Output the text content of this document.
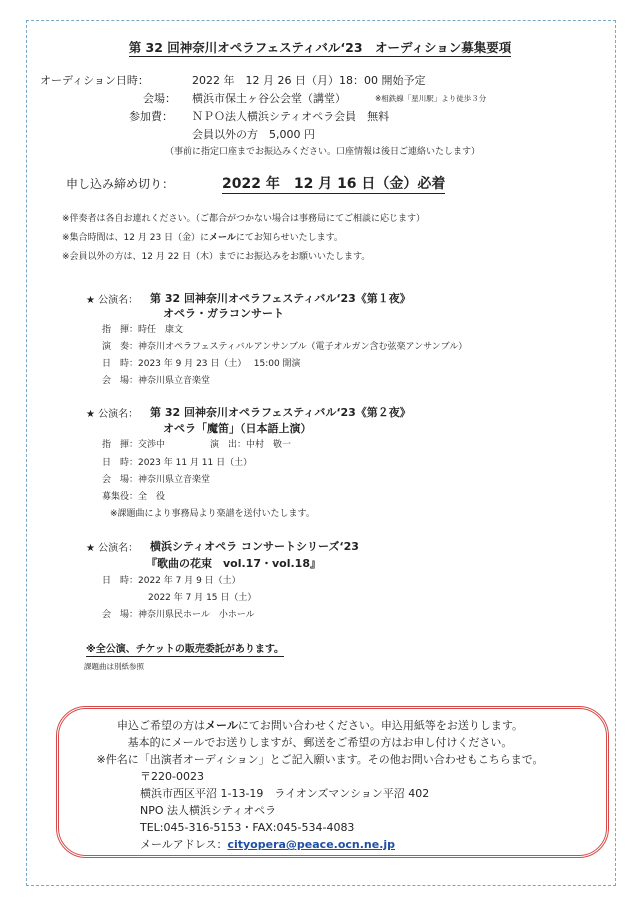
第 32 回神奈川オペラフェスティバル‘23　オーディション募集要項
オーディション日時：	2022 年　12 月 26 日（月）18：00 開始予定
会場： 横浜市保土ヶ谷公会堂（講堂）	※相鉄線「星川駅」より徒歩３分
参加費： ＮＰＯ法人横浜シティオペラ会員　無料
会員以外の方　5,000 円
（事前に指定口座までお振込みください。口座情報は後日ご連絡いたします）
申し込み締め切り：	2022 年　12 月 16 日（金）必着
※伴奏者は各自お連れください。（ご都合がつかない場合は事務局にてご相談に応じます）
※集合時間は、12 月 23 日（金）にメールにてお知らせいたします。
※会員以外の方は、12 月 22 日（木）までにお振込みをお願いいたします。
★ 公演名： 第 32 回神奈川オペラフェスティバル‘23《第１夜》
オペラ・ガラコンサート
指　揮：時任　康文
演　奏：神奈川オペラフェスティバルアンサンブル（電子オルガン含む弦楽アンサンブル）
日　時：2023 年 9 月 23 日（土）　 15:00 開演
会　場：神奈川県立音楽堂
★ 公演名： 第 32 回神奈川オペラフェスティバル‘23《第２夜》
オペラ「魔笛」（日本語上演）
指　揮：交渉中　　　　　演　出：中村　敬一
日　時：2023 年 11 月 11 日（土）
会　場：神奈川県立音楽堂
募集役：全　役
※課題曲により事務局より楽譜を送付いたします。
★ 公演名： 横浜シティオペラ コンサートシリーズ‘23
『歌曲の花束　vol.17・vol.18』
日　時：2022 年 7 月 9 日（土）
2022 年 7 月 15 日（土）
会　場：神奈川県民ホール　小ホール
※全公演、チケットの販売委託があります。
課題曲は別紙参照
申込ご希望の方はメールにてお問い合わせください。申込用紙等をお送りします。
基本的にメールでお送りしますが、郵送をご希望の方はお申し付けください。
※件名に「出演者オーディション」とご記入願います。その他お問い合わせもこちらまで。
〒220-0023
横浜市西区平沼 1-13-19　ライオンズマンション平沼 402
NPO 法人横浜シティオペラ
TEL:045-316-5153・FAX:045-534-4083
メールアドレス：cityopera@peace.ocn.ne.jp
